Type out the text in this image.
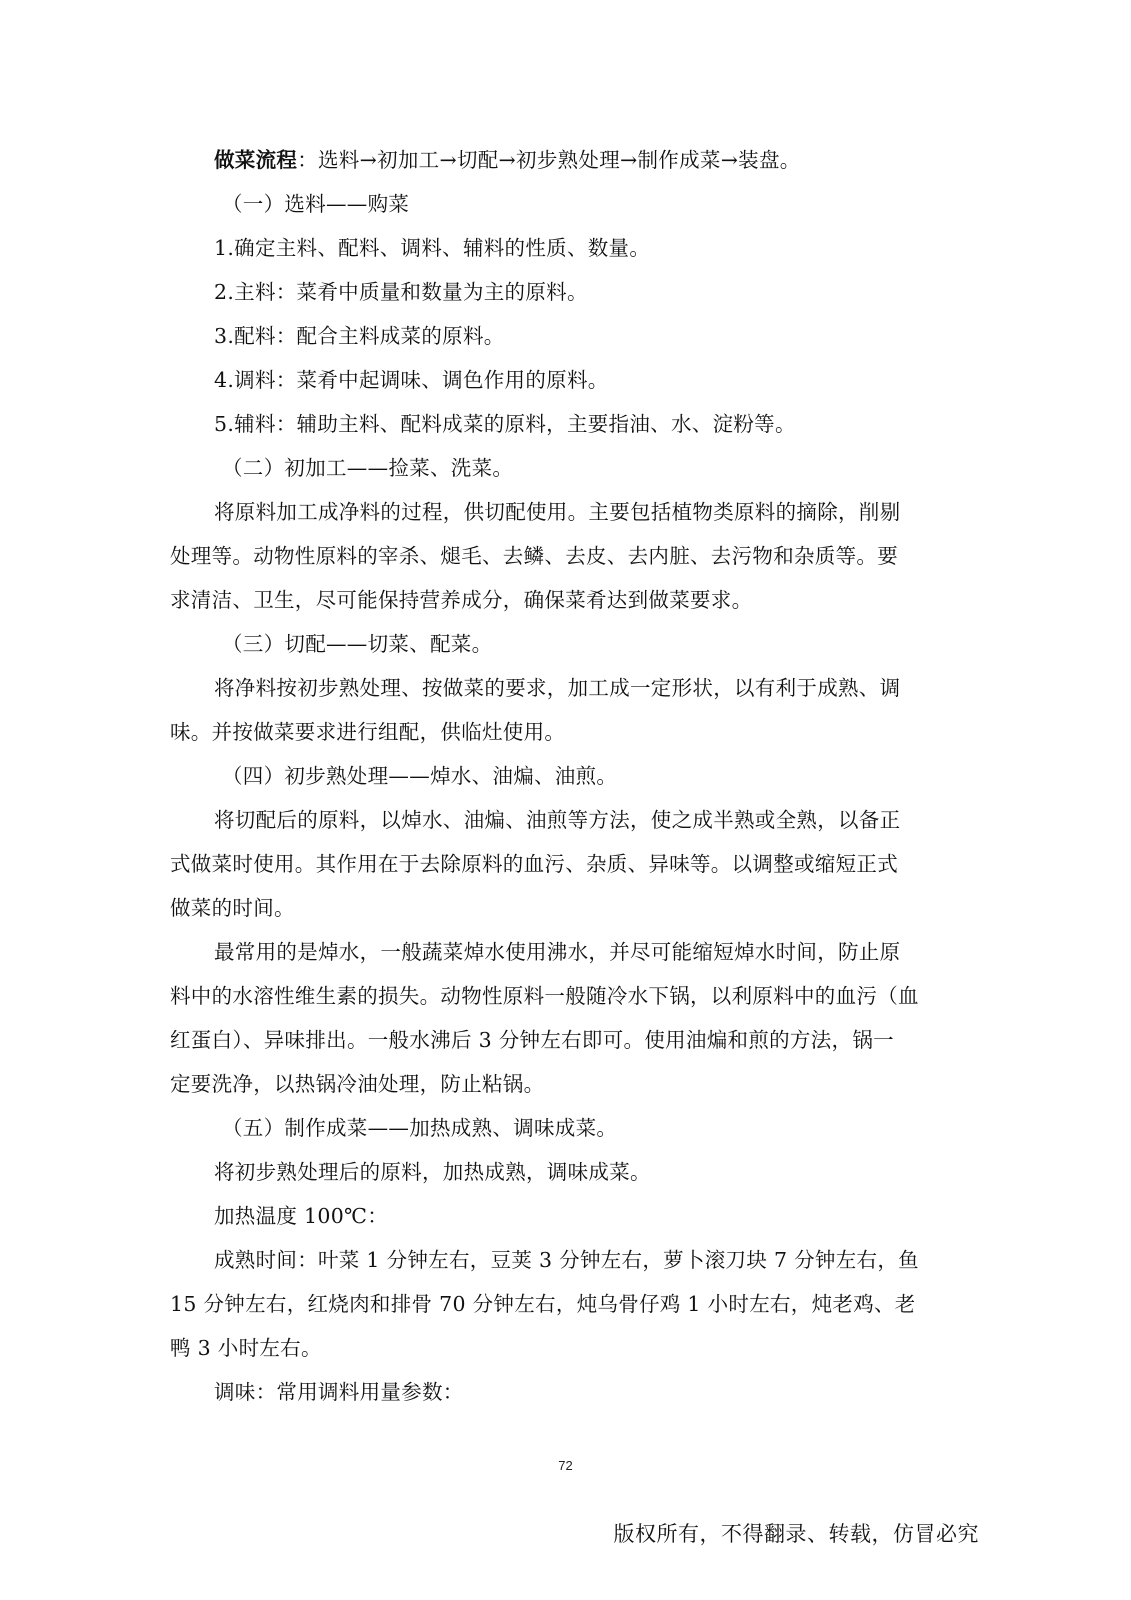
做菜流程：选料→初加工→切配→初步熟处理→制作成菜→装盘。
（一）选料——购菜
1.确定主料、配料、调料、辅料的性质、数量。
2.主料：菜肴中质量和数量为主的原料。
3.配料：配合主料成菜的原料。
4.调料：菜肴中起调味、调色作用的原料。
5.辅料：辅助主料、配料成菜的原料，主要指油、水、淀粉等。
（二）初加工——捡菜、洗菜。
将原料加工成净料的过程，供切配使用。主要包括植物类原料的摘除，削剔
处理等。动物性原料的宰杀、煺毛、去鳞、去皮、去内脏、去污物和杂质等。要
求清洁、卫生，尽可能保持营养成分，确保菜肴达到做菜要求。
（三）切配——切菜、配菜。
将净料按初步熟处理、按做菜的要求，加工成一定形状，以有利于成熟、调
味。并按做菜要求进行组配，供临灶使用。
（四）初步熟处理——焯水、油煸、油煎。
将切配后的原料，以焯水、油煸、油煎等方法，使之成半熟或全熟，以备正
式做菜时使用。其作用在于去除原料的血污、杂质、异味等。以调整或缩短正式
做菜的时间。
最常用的是焯水，一般蔬菜焯水使用沸水，并尽可能缩短焯水时间，防止原
料中的水溶性维生素的损失。动物性原料一般随冷水下锅，以利原料中的血污（血
红蛋白）、异味排出。一般水沸后 3 分钟左右即可。使用油煸和煎的方法，锅一
定要洗净，以热锅冷油处理，防止粘锅。
（五）制作成菜——加热成熟、调味成菜。
将初步熟处理后的原料，加热成熟，调味成菜。
加热温度 100℃：
成熟时间：叶菜 1 分钟左右，豆荚 3 分钟左右，萝卜滚刀块 7 分钟左右，鱼
15 分钟左右，红烧肉和排骨 70 分钟左右，炖乌骨仔鸡 1 小时左右，炖老鸡、老
鸭 3 小时左右。
调味：常用调料用量参数：
72
版权所有，不得翻录、转载，仿冒必究
